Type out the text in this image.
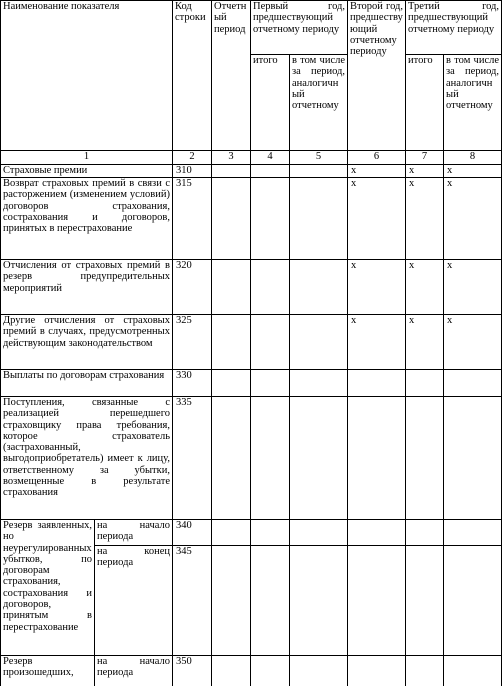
Наименование показателя		Код строки	Отчетный период	Первый год, предшествующий отчетному периоду		Второй год, предшествующий отчетному периоду	Третий год, предшествующий отчетному периоду	
				итого	в том числе за период, аналогичный отчетному		итого	в том числе за период, аналогичный отчетному
1		2	3	4	5	6	7	8
Страховые премии		310				x	x	x
Возврат страховых премий в связи с расторжением (изменением условий) договоров страхования, сострахования и договоров, принятых в перестрахование		315				x	x	x
Отчисления от страховых премий в резерв предупредительных мероприятий		320				x	x	x
Другие отчисления от страховых премий в случаях, предусмотренных действующим законодательством		325				x	x	x
Выплаты по договорам страхования		330						
Поступления, связанные с реализацией перешедшего страховщику права требования, которое страхователь (застрахованный, выгодоприобретатель) имеет к лицу, ответственному за убытки, возмещенные в результате страхования		335						
Резерв заявленных, но неурегулированных убытков, по договорам страхования, сострахования и договоров, принятым в перестрахование	на начало периода	340						
	на конец периода	345						
Резерв произошедших,	на начало периода	350						
